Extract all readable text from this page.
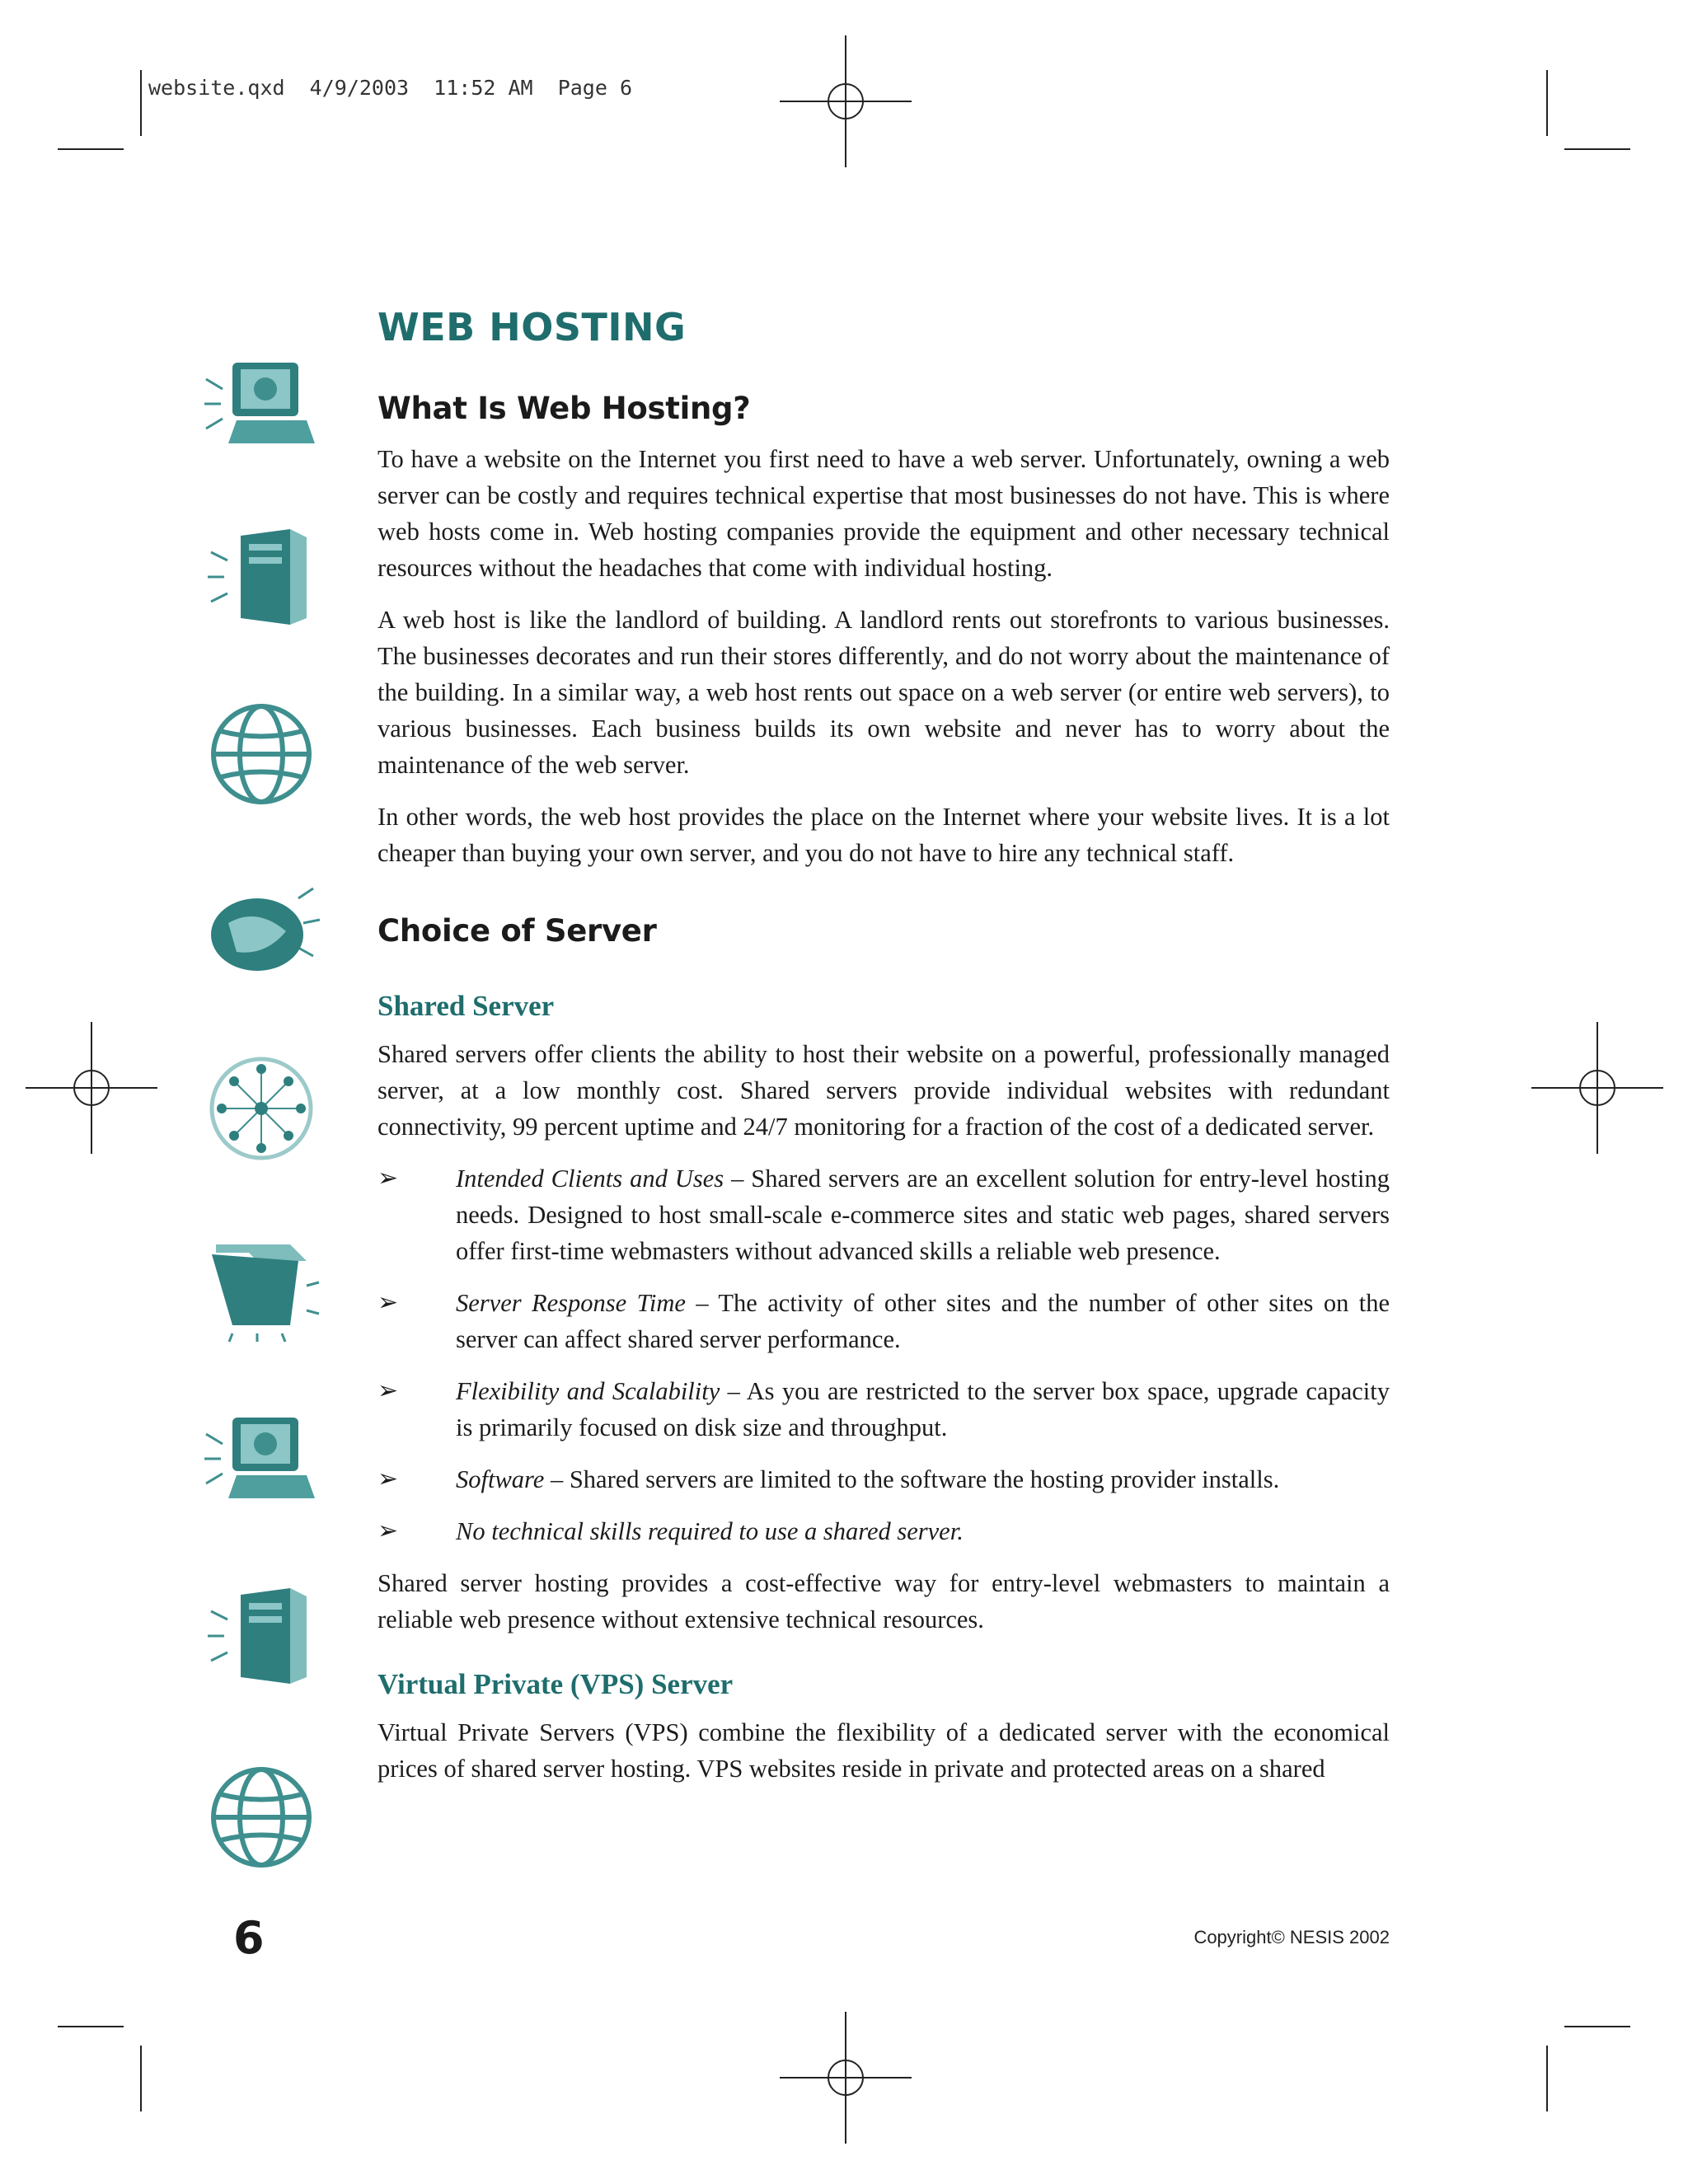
website.qxd  4/9/2003  11:52 AM  Page 6
WEB HOSTING
What Is Web Hosting?

To have a website on the Internet you first need to have a web server. Unfortunately, owning a web server can be costly and requires technical expertise that most businesses do not have. This is where web hosts come in. Web hosting companies provide the equipment and other necessary technical resources without the headaches that come with individual hosting.

A web host is like the landlord of building. A landlord rents out storefronts to various businesses. The businesses decorates and run their stores differently, and do not worry about the maintenance of the building. In a similar way, a web host rents out space on a web server (or entire web servers), to various businesses. Each business builds its own website and never has to worry about the maintenance of the web server.

In other words, the web host provides the place on the Internet where your website lives. It is a lot cheaper than buying your own server, and you do not have to hire any technical staff.

Choice of Server
Shared Server

Shared servers offer clients the ability to host their website on a powerful, professionally managed server, at a low monthly cost. Shared servers provide individual websites with redundant connectivity, 99 percent uptime and 24/7 monitoring for a fraction of the cost of a dedicated server.

➢ Intended Clients and Uses – Shared servers are an excellent solution for entry-level hosting needs. Designed to host small-scale e-commerce sites and static web pages, shared servers offer first-time webmasters without advanced skills a reliable web presence.
➢ Server Response Time – The activity of other sites and the number of other sites on the server can affect shared server performance.
➢ Flexibility and Scalability – As you are restricted to the server box space, upgrade capacity is primarily focused on disk size and throughput.
➢ Software – Shared servers are limited to the software the hosting provider installs.
➢ No technical skills required to use a shared server.

Shared server hosting provides a cost-effective way for entry-level webmasters to maintain a reliable web presence without extensive technical resources.

Virtual Private (VPS) Server

Virtual Private Servers (VPS) combine the flexibility of a dedicated server with the economical prices of shared server hosting. VPS websites reside in private and protected areas on a shared

6	Copyright© NESIS 2002
